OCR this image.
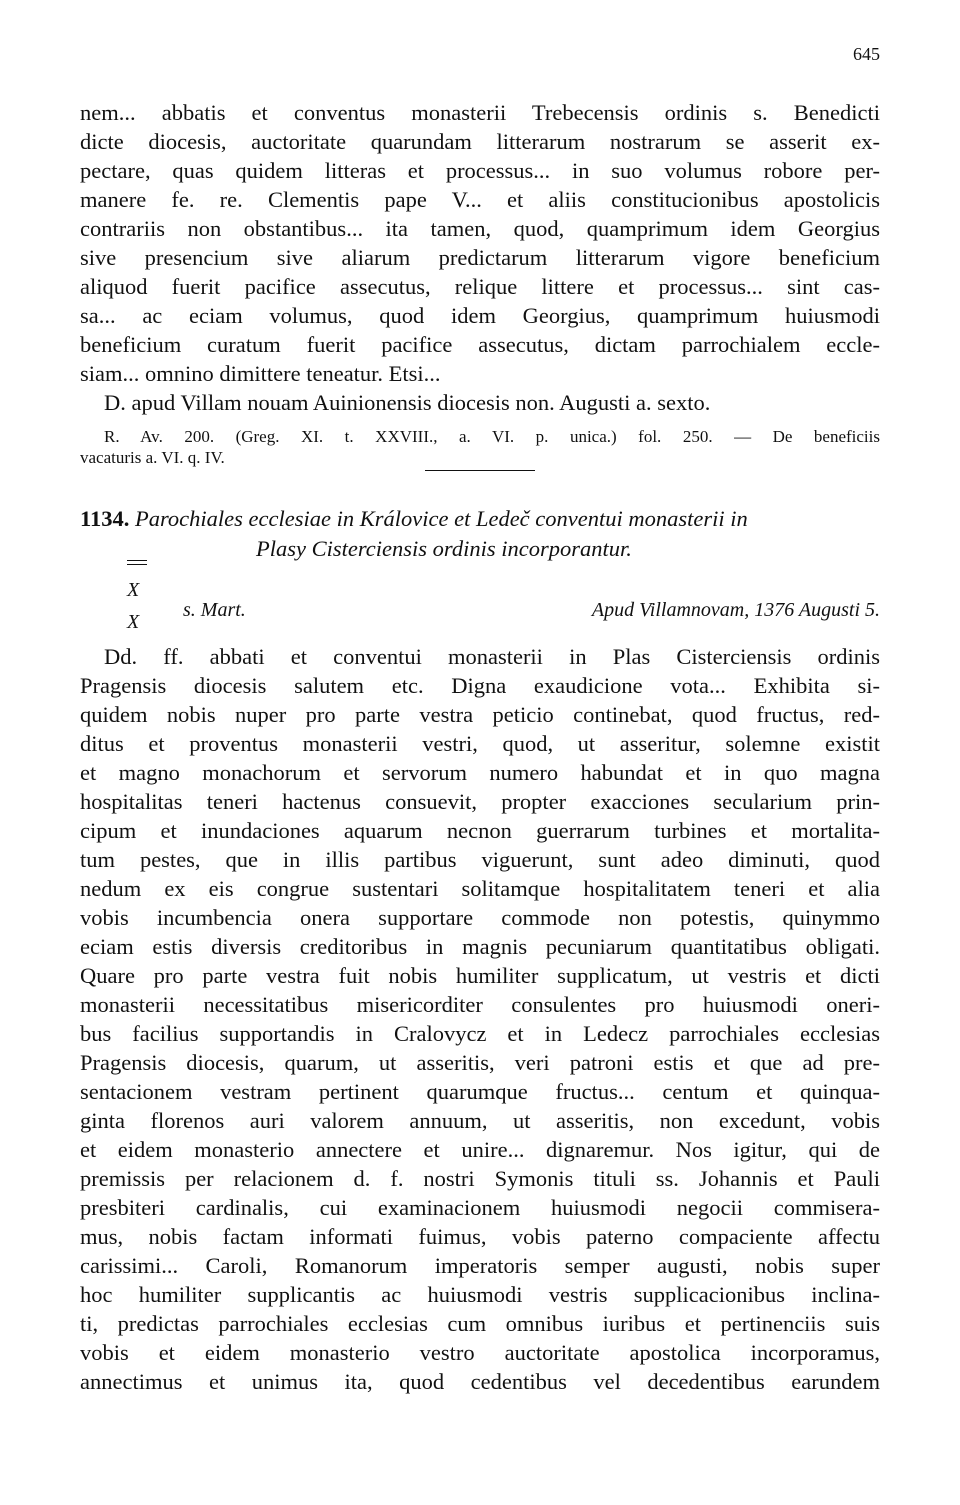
645
nem... abbatis et conventus monasterii Trebecensis ordinis s. Benedicti
dicte diocesis, auctoritate quarundam litterarum nostrarum se asserit ex-
pectare, quas quidem litteras et processus... in suo volumus robore per-
manere fe. re. Clementis pape V... et aliis constitucionibus apostolicis
contrariis non obstantibus... ita tamen, quod, quamprimum idem Georgius
sive presencium sive aliarum predictarum litterarum vigore beneficium
aliquod fuerit pacifice assecutus, relique littere et processus... sint cas-
sa... ac eciam volumus, quod idem Georgius, quamprimum huiusmodi
beneficium curatum fuerit pacifice assecutus, dictam parrochialem eccle-
siam... omnino dimittere teneatur. Etsi...
D. apud Villam nouam Auinionensis diocesis non. Augusti a. sexto.
R. Av. 200. (Greg. XI. t. XXVIII., a. VI. p. unica.) fol. 250. — De beneficiis
vacaturis a. VI. q. IV.
1134. Parochiales ecclesiae in Královice et Ledeč conventui monasterii in
Plasy Cisterciensis ordinis incorporantur.
X
X
s. Mart.	Apud Villamnovam, 1376 Augusti 5.
Dd. ff. abbati et conventui monasterii in Plas Cisterciensis ordinis
Pragensis diocesis salutem etc. Digna exaudicione vota... Exhibita si-
quidem nobis nuper pro parte vestra peticio continebat, quod fructus, red-
ditus et proventus monasterii vestri, quod, ut asseritur, solemne existit
et magno monachorum et servorum numero habundat et in quo magna
hospitalitas teneri hactenus consuevit, propter exacciones secularium prin-
cipum et inundaciones aquarum necnon guerrarum turbines et mortalita-
tum pestes, que in illis partibus viguerunt, sunt adeo diminuti, quod
nedum ex eis congrue sustentari solitamque hospitalitatem teneri et alia
vobis incumbencia onera supportare commode non potestis, quinymmo
eciam estis diversis creditoribus in magnis pecuniarum quantitatibus obligati.
Quare pro parte vestra fuit nobis humiliter supplicatum, ut vestris et dicti
monasterii necessitatibus misericorditer consulentes pro huiusmodi oneri-
bus facilius supportandis in Cralovycz et in Ledecz parrochiales ecclesias
Pragensis diocesis, quarum, ut asseritis, veri patroni estis et que ad pre-
sentacionem vestram pertinent quarumque fructus... centum et quinqua-
ginta florenos auri valorem annuum, ut asseritis, non excedunt, vobis
et eidem monasterio annectere et unire... dignaremur. Nos igitur, qui de
premissis per relacionem d. f. nostri Symonis tituli ss. Johannis et Pauli
presbiteri cardinalis, cui examinacionem huiusmodi negocii commisera-
mus, nobis factam informati fuimus, vobis paterno compaciente affectu
carissimi... Caroli, Romanorum imperatoris semper augusti, nobis super
hoc humiliter supplicantis ac huiusmodi vestris supplicacionibus inclina-
ti, predictas parrochiales ecclesias cum omnibus iuribus et pertinenciis suis
vobis et eidem monasterio vestro auctoritate apostolica incorporamus,
annectimus et unimus ita, quod cedentibus vel decedentibus earundem
